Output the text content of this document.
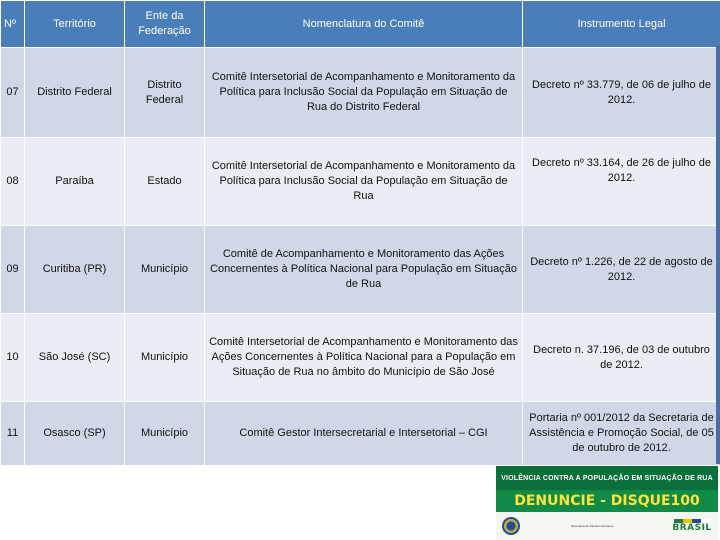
Nº	Território	Ente da Federação	Nomenclatura do Comitê	Instrumento Legal
07	Distrito Federal	Distrito Federal	Comitê Intersetorial de Acompanhamento e Monitoramento da Política para Inclusão Social da População em Situação de Rua do Distrito Federal	Decreto nº 33.779, de 06 de julho de 2012.
08	Paraíba	Estado	Comitê Intersetorial de Acompanhamento e Monitoramento da Política para Inclusão Social da População em Situação de Rua	Decreto nº 33.164, de 26 de julho de 2012.
09	Curitiba (PR)	Município	Comitê de Acompanhamento e Monitoramento das Ações Concernentes à Política Nacional para População em Situação de Rua	Decreto nº 1.226, de 22 de agosto de 2012.
10	São José (SC)	Município	Comitê Intersetorial de Acompanhamento e Monitoramento das Ações Concernentes à Política Nacional para a População em Situação de Rua no âmbito do Município de São José	Decreto n. 37.196, de 03 de outubro de 2012.
11	Osasco (SP)	Município	Comitê Gestor Intersecretarial e Intersetorial – CGI	Portaria nº 001/2012 da Secretaria de Assistência e Promoção Social, de 05 de outubro de 2012.
VIOLÊNCIA CONTRA A POPULAÇÃO EM SITUAÇÃO DE RUA
DENUNCIE - DISQUE100
Secretaria de Direitos Humanos	BRASIL
